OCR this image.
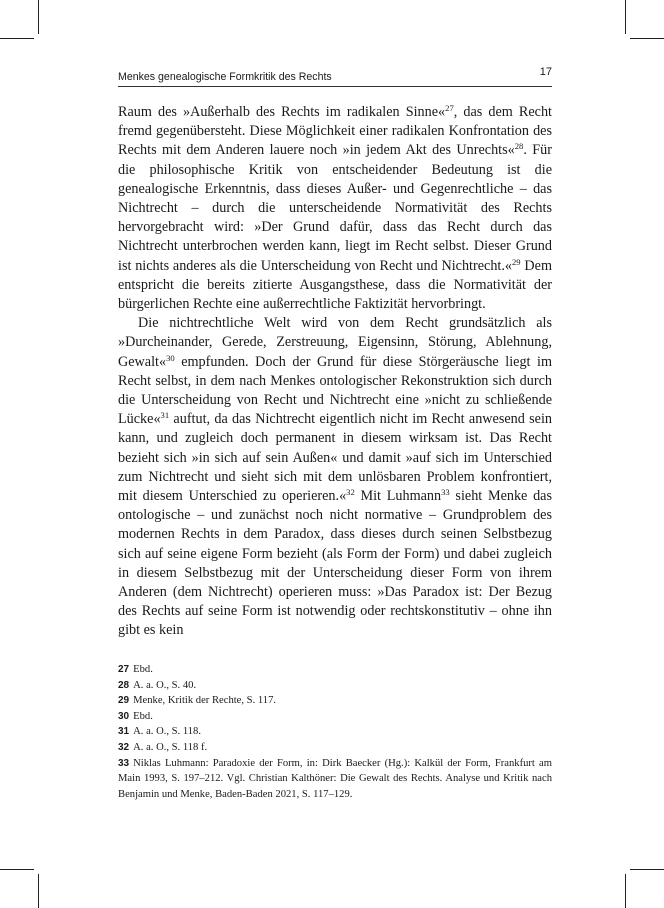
Menkes genealogische Formkritik des Rechts	17

Raum des »Außerhalb des Rechts im radikalen Sinne«$^{27}$, das dem Recht fremd gegenübersteht. Diese Möglichkeit einer radikalen Konfrontation des Rechts mit dem Anderen lauere noch »in jedem Akt des Unrechts«$^{28}$. Für die philosophische Kritik von entscheidender Bedeutung ist die genealogische Erkenntnis, dass dieses Außer- und Gegenrechtliche – das Nichtrecht – durch die unterscheidende Normativität des Rechts hervorgebracht wird: »Der Grund dafür, dass das Recht durch das Nichtrecht unterbrochen werden kann, liegt im Recht selbst. Dieser Grund ist nichts anderes als die Unterscheidung von Recht und Nichtrecht.«$^{29}$ Dem entspricht die bereits zitierte Ausgangsthese, dass die Normativität der bürgerlichen Rechte eine außerrechtliche Faktizität hervorbringt.

Die nichtrechtliche Welt wird von dem Recht grundsätzlich als »Durcheinander, Gerede, Zerstreuung, Eigensinn, Störung, Ablehnung, Gewalt«$^{30}$ empfunden. Doch der Grund für diese Störgeräusche liegt im Recht selbst, in dem nach Menkes ontologischer Rekonstruktion sich durch die Unterscheidung von Recht und Nichtrecht eine »nicht zu schließende Lücke«$^{31}$ auftut, da das Nichtrecht eigentlich nicht im Recht anwesend sein kann, und zugleich doch permanent in diesem wirksam ist. Das Recht bezieht sich »in sich auf sein Außen« und damit »auf sich im Unterschied zum Nichtrecht und sieht sich mit dem unlösbaren Problem konfrontiert, mit diesem Unterschied zu operieren.«$^{32}$ Mit Luhmann$^{33}$ sieht Menke das ontologische – und zunächst noch nicht normative – Grundproblem des modernen Rechts in dem Paradox, dass dieses durch seinen Selbstbezug sich auf seine eigene Form bezieht (als Form der Form) und dabei zugleich in diesem Selbstbezug mit der Unterscheidung dieser Form von ihrem Anderen (dem Nichtrecht) operieren muss: »Das Paradox ist: Der Bezug des Rechts auf seine Form ist notwendig oder rechtskonstitutiv – ohne ihn gibt es kein

27 Ebd.
28 A. a. O., S. 40.
29 Menke, Kritik der Rechte, S. 117.
30 Ebd.
31 A. a. O., S. 118.
32 A. a. O., S. 118 f.
33 Niklas Luhmann: Paradoxie der Form, in: Dirk Baecker (Hg.): Kalkül der Form, Frankfurt am Main 1993, S. 197–212. Vgl. Christian Kalthöner: Die Gewalt des Rechts. Analyse und Kritik nach Benjamin und Menke, Baden-Baden 2021, S. 117–129.
